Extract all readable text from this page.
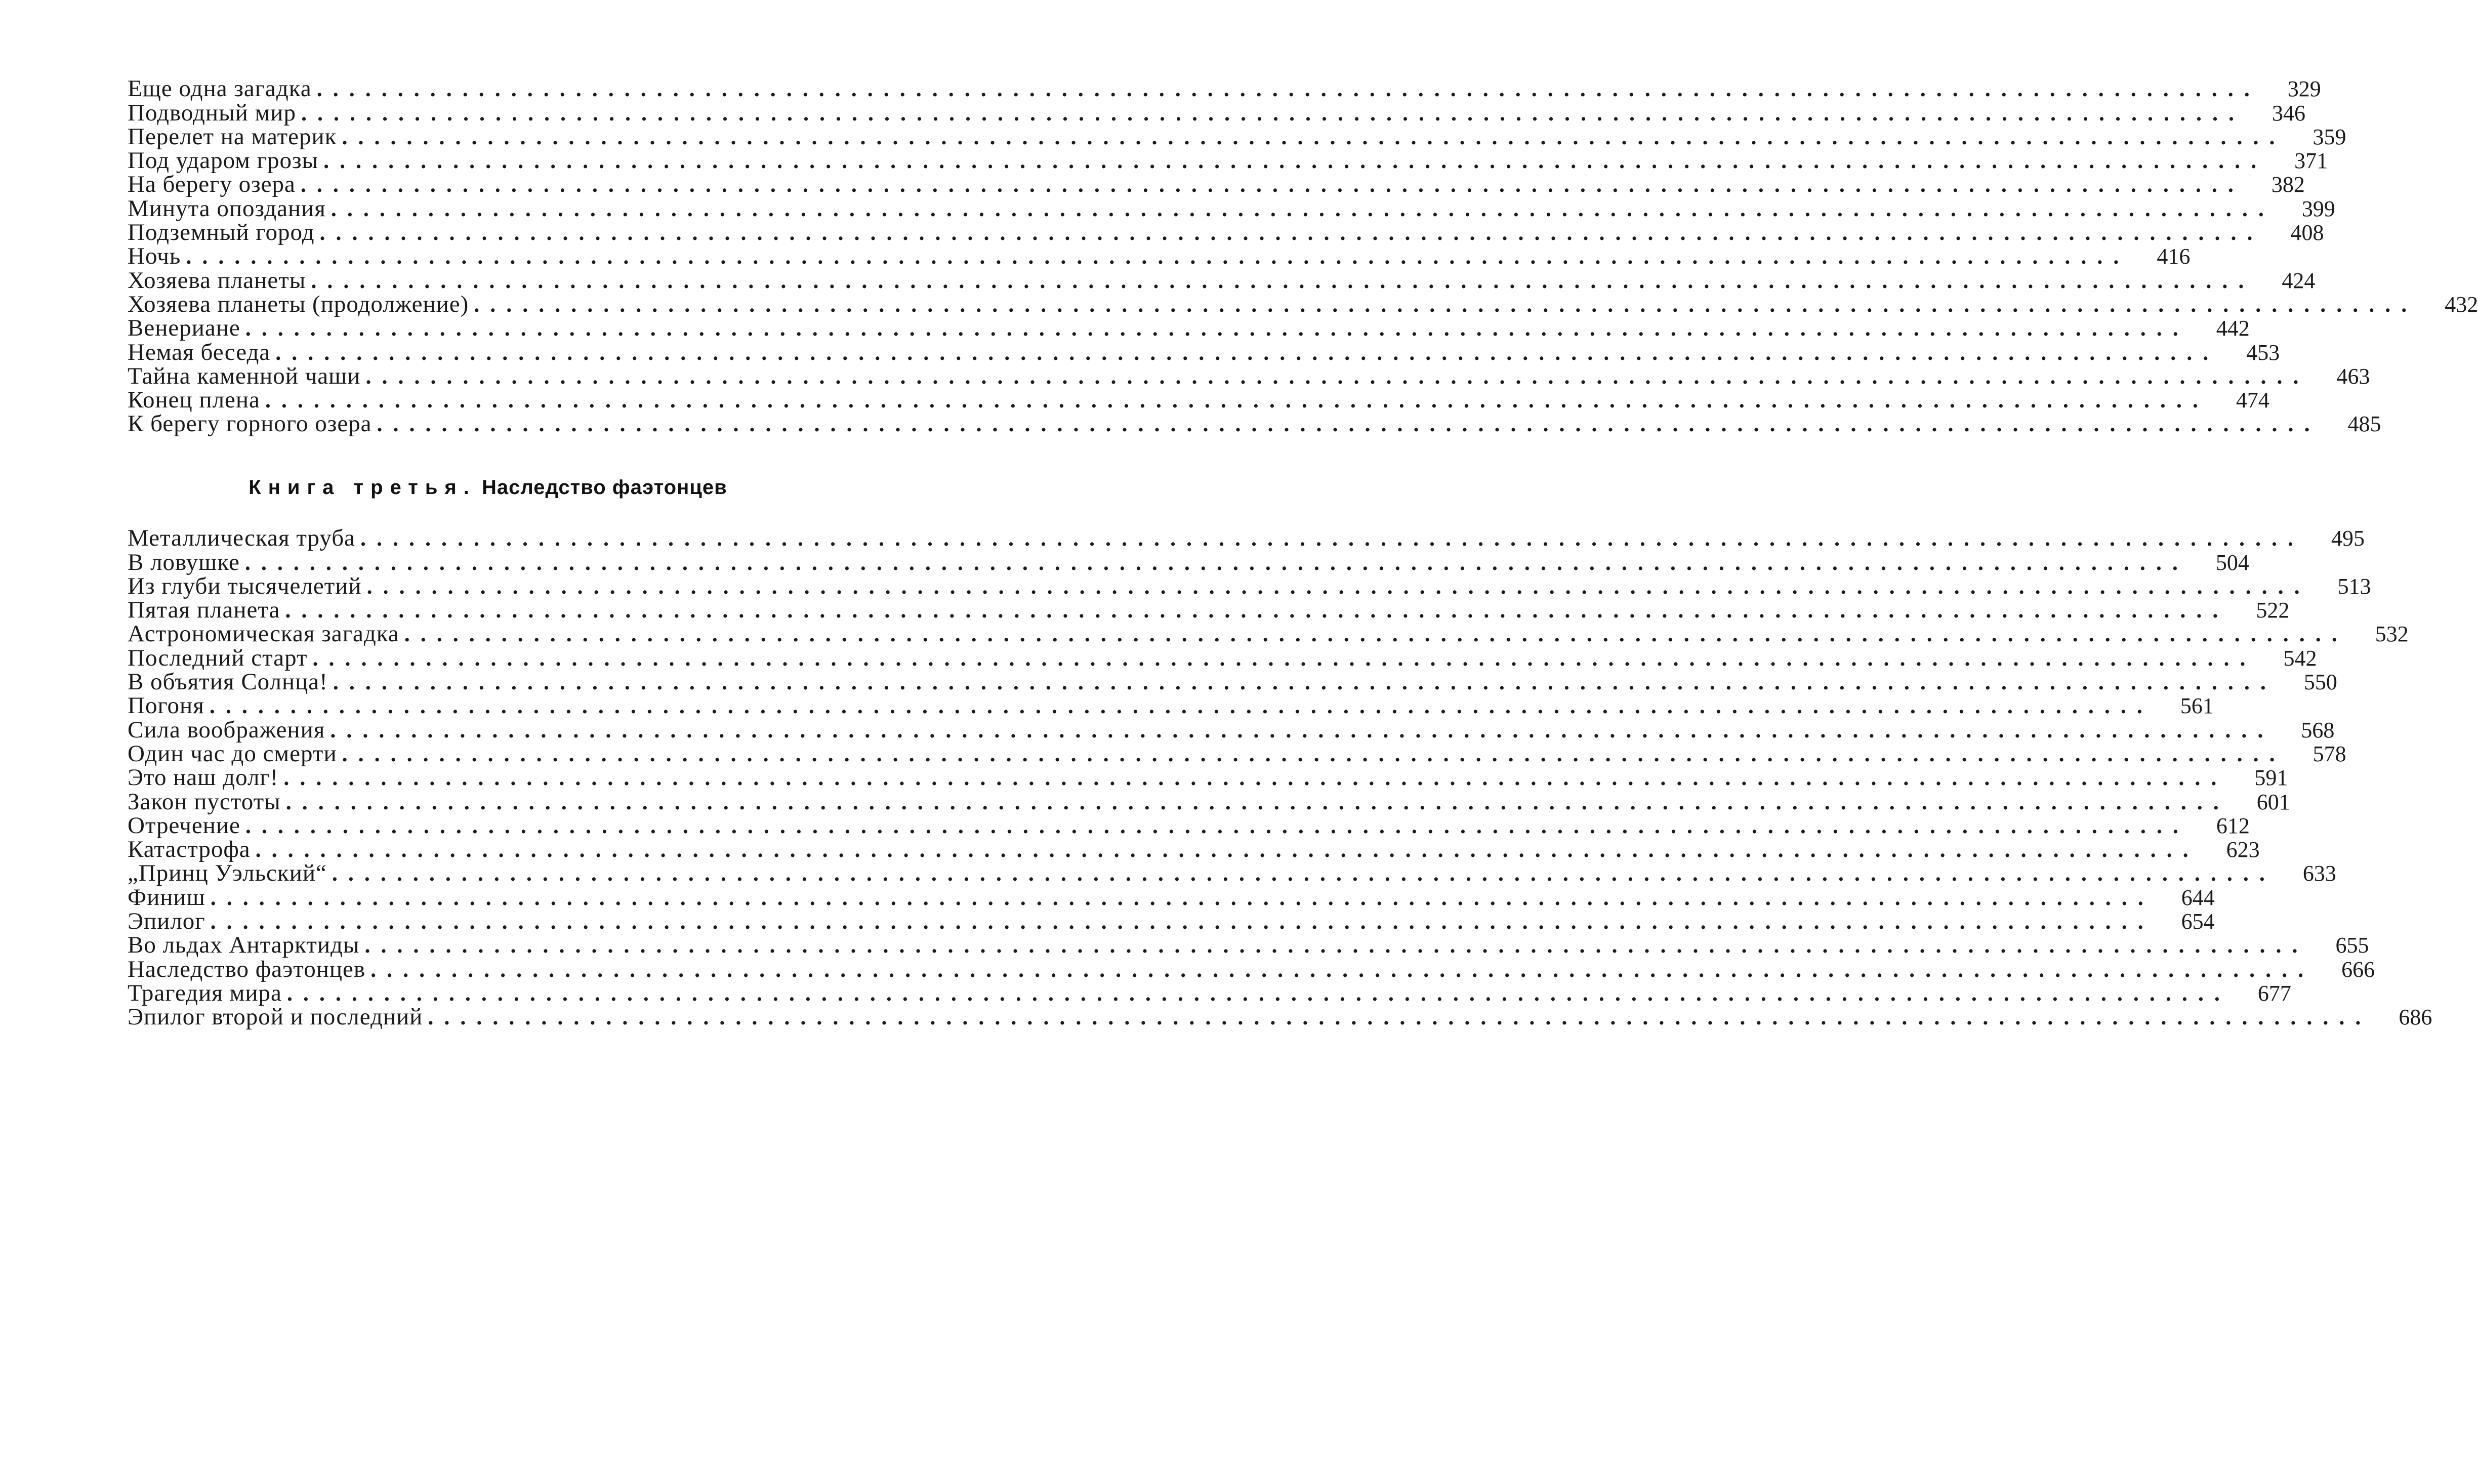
Еще одна загадка ........................................................................................................................	329
Подводный мир ........................................................................................................................	346
Перелет на материк ........................................................................................................................	359
Под ударом грозы ........................................................................................................................	371
На берегу озера ........................................................................................................................	382
Минута опоздания ........................................................................................................................	399
Подземный город ........................................................................................................................	408
Ночь ........................................................................................................................	416
Хозяева планеты ........................................................................................................................	424
Хозяева планеты (продолжение) ........................................................................................................................	432
Венериане ........................................................................................................................	442
Немая беседа ........................................................................................................................	453
Тайна каменной чаши ........................................................................................................................	463
Конец плена ........................................................................................................................	474
К берегу горного озера ........................................................................................................................	485
Книга третья. Наследство фаэтонцев
Металлическая труба ........................................................................................................................	495
В ловушке ........................................................................................................................	504
Из глуби тысячелетий ........................................................................................................................	513
Пятая планета ........................................................................................................................	522
Астрономическая загадка ........................................................................................................................	532
Последний старт ........................................................................................................................	542
В объятия Солнца! ........................................................................................................................	550
Погоня ........................................................................................................................	561
Сила воображения ........................................................................................................................	568
Один час до смерти ........................................................................................................................	578
Это наш долг! ........................................................................................................................	591
Закон пустоты ........................................................................................................................	601
Отречение ........................................................................................................................	612
Катастрофа ........................................................................................................................	623
„Принц Уэльский“ ........................................................................................................................	633
Финиш ........................................................................................................................	644
Эпилог ........................................................................................................................	654
Во льдах Антарктиды ........................................................................................................................	655
Наследство фаэтонцев ........................................................................................................................	666
Трагедия мира ........................................................................................................................	677
Эпилог второй и последний ........................................................................................................................	686
